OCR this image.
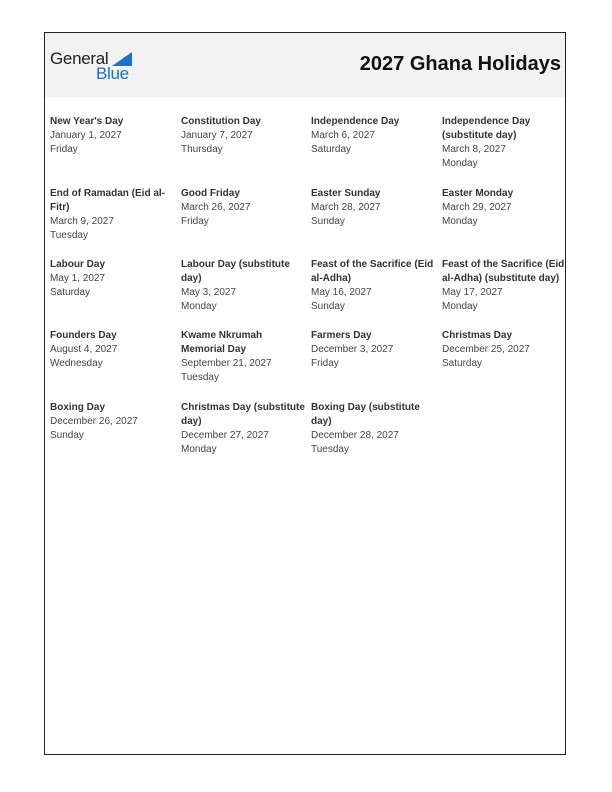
General
Blue	2027 Ghana Holidays
New Year's Day
January 1, 2027
Friday
Constitution Day
January 7, 2027
Thursday
Independence Day
March 6, 2027
Saturday
Independence Day (substitute day)
March 8, 2027
Monday
End of Ramadan (Eid al-Fitr)
March 9, 2027
Tuesday
Good Friday
March 26, 2027
Friday
Easter Sunday
March 28, 2027
Sunday
Easter Monday
March 29, 2027
Monday
Labour Day
May 1, 2027
Saturday
Labour Day (substitute day)
May 3, 2027
Monday
Feast of the Sacrifice (Eid al-Adha)
May 16, 2027
Sunday
Feast of the Sacrifice (Eid al-Adha) (substitute day)
May 17, 2027
Monday
Founders Day
August 4, 2027
Wednesday
Kwame Nkrumah Memorial Day
September 21, 2027
Tuesday
Farmers Day
December 3, 2027
Friday
Christmas Day
December 25, 2027
Saturday
Boxing Day
December 26, 2027
Sunday
Christmas Day (substitute day)
December 27, 2027
Monday
Boxing Day (substitute day)
December 28, 2027
Tuesday
